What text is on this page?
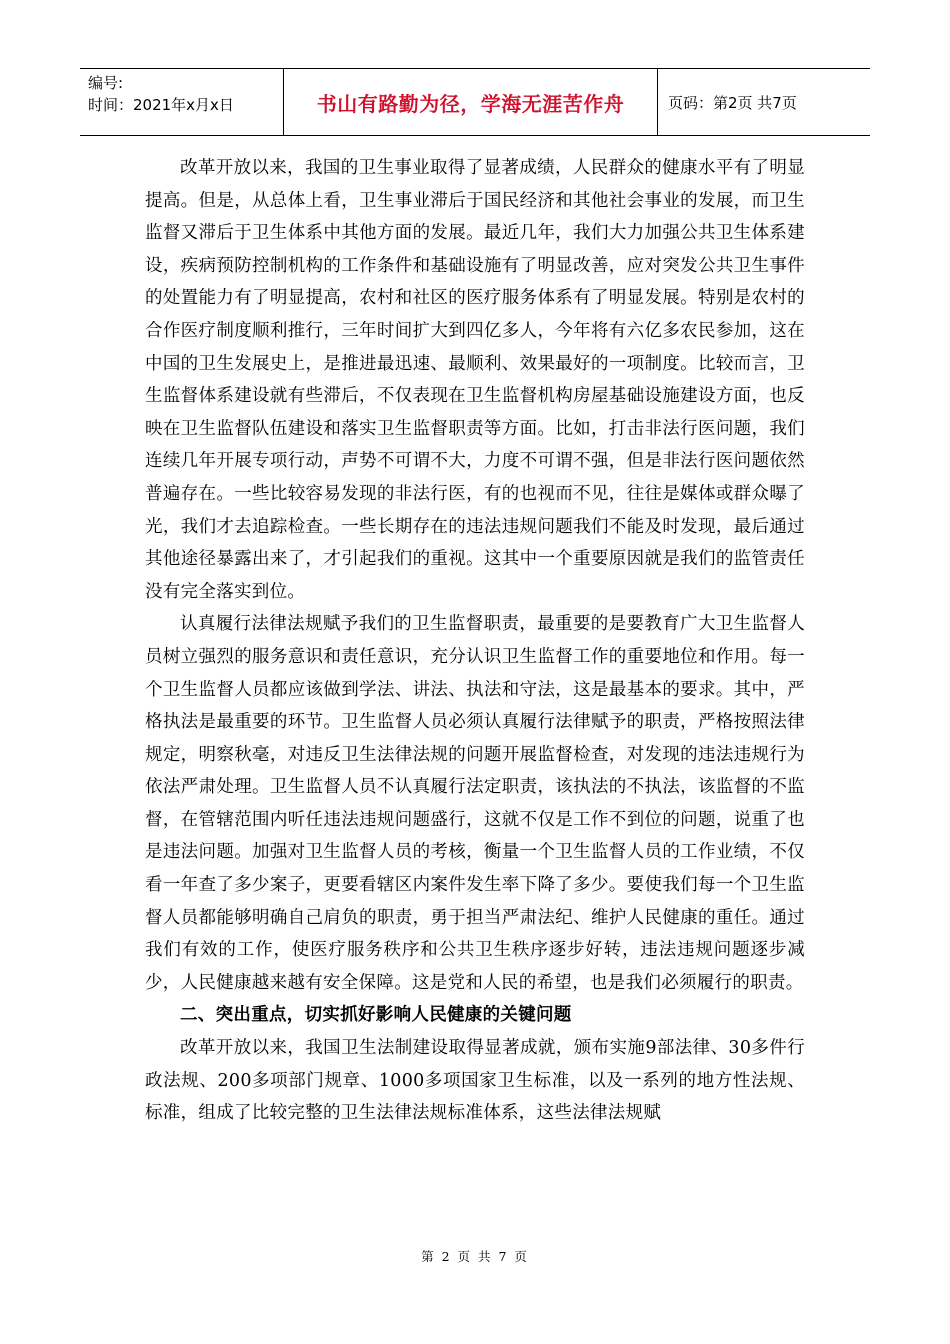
编号:
时间：2021年x月x日	书山有路勤为径，学海无涯苦作舟	页码：第2页 共7页

改革开放以来，我国的卫生事业取得了显著成绩，人民群众的健康水平有了明显提高。但是，从总体上看，卫生事业滞后于国民经济和其他社会事业的发展，而卫生监督又滞后于卫生体系中其他方面的发展。最近几年，我们大力加强公共卫生体系建设，疾病预防控制机构的工作条件和基础设施有了明显改善，应对突发公共卫生事件的处置能力有了明显提高，农村和社区的医疗服务体系有了明显发展。特别是农村的合作医疗制度顺利推行，三年时间扩大到四亿多人，今年将有六亿多农民参加，这在中国的卫生发展史上，是推进最迅速、最顺利、效果最好的一项制度。比较而言，卫生监督体系建设就有些滞后，不仅表现在卫生监督机构房屋基础设施建设方面，也反映在卫生监督队伍建设和落实卫生监督职责等方面。比如，打击非法行医问题，我们连续几年开展专项行动，声势不可谓不大，力度不可谓不强，但是非法行医问题依然普遍存在。一些比较容易发现的非法行医，有的也视而不见，往往是媒体或群众曝了光，我们才去追踪检查。一些长期存在的违法违规问题我们不能及时发现，最后通过其他途径暴露出来了，才引起我们的重视。这其中一个重要原因就是我们的监管责任没有完全落实到位。

认真履行法律法规赋予我们的卫生监督职责，最重要的是要教育广大卫生监督人员树立强烈的服务意识和责任意识，充分认识卫生监督工作的重要地位和作用。每一个卫生监督人员都应该做到学法、讲法、执法和守法，这是最基本的要求。其中，严格执法是最重要的环节。卫生监督人员必须认真履行法律赋予的职责，严格按照法律规定，明察秋毫，对违反卫生法律法规的问题开展监督检查，对发现的违法违规行为依法严肃处理。卫生监督人员不认真履行法定职责，该执法的不执法，该监督的不监督，在管辖范围内听任违法违规问题盛行，这就不仅是工作不到位的问题，说重了也是违法问题。加强对卫生监督人员的考核，衡量一个卫生监督人员的工作业绩，不仅看一年查了多少案子，更要看辖区内案件发生率下降了多少。要使我们每一个卫生监督人员都能够明确自己肩负的职责，勇于担当严肃法纪、维护人民健康的重任。通过我们有效的工作，使医疗服务秩序和公共卫生秩序逐步好转，违法违规问题逐步减少，人民健康越来越有安全保障。这是党和人民的希望，也是我们必须履行的职责。

二、突出重点，切实抓好影响人民健康的关键问题

改革开放以来，我国卫生法制建设取得显著成就，颁布实施9部法律、30多件行政法规、200多项部门规章、1000多项国家卫生标准，以及一系列的地方性法规、标准，组成了比较完整的卫生法律法规标准体系，这些法律法规赋

第 2 页 共 7 页
